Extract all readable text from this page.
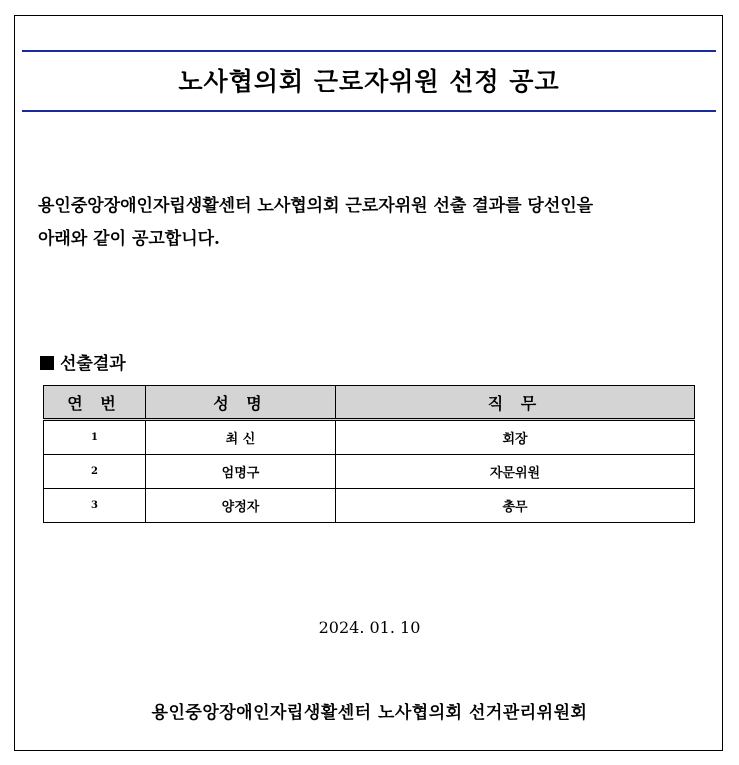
노사협의회 근로자위원 선정 공고
용인중앙장애인자립생활센터 노사협의회 근로자위원 선출 결과를 당선인을
아래와 같이 공고합니다.
선출결과
연 번	성 명	직 무
1	최 신	회장
2	엄명구	자문위원
3	양정자	총무
2024. 01. 10
용인중앙장애인자립생활센터 노사협의회 선거관리위원회
